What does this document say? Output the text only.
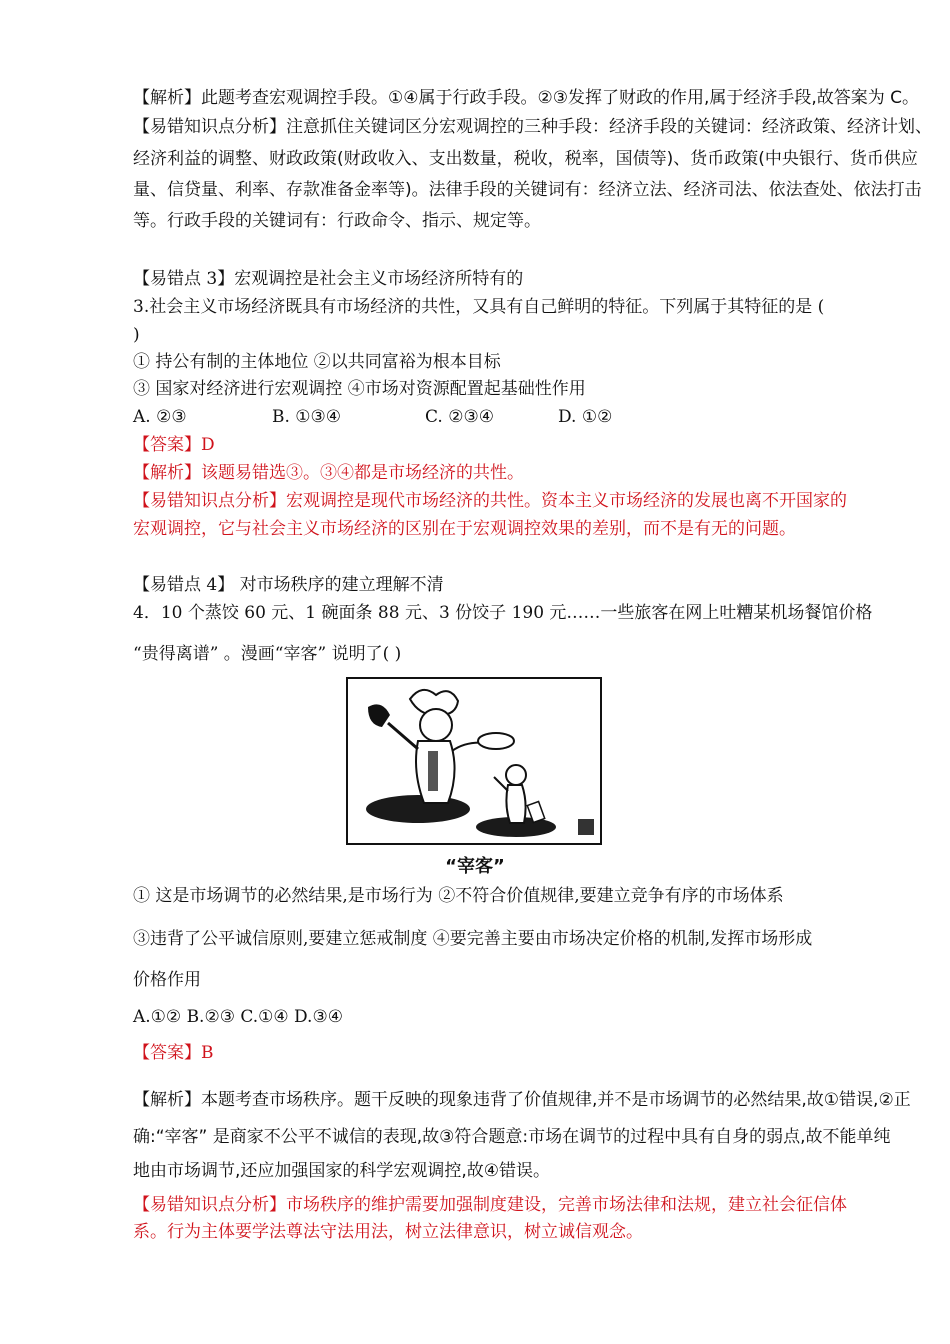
【解析】此题考查宏观调控手段。①④属于行政手段。②③发挥了财政的作用,属于经济手段,故答案为 C。
【易错知识点分析】注意抓住关键词区分宏观调控的三种手段：经济手段的关键词：经济政策、经济计划、
经济利益的调整、财政政策(财政收入、支出数量，税收，税率，国债等)、货币政策(中央银行、货币供应
量、信贷量、利率、存款准备金率等)。法律手段的关键词有：经济立法、经济司法、依法查处、依法打击
等。行政手段的关键词有：行政命令、指示、规定等。
【易错点 3】宏观调控是社会主义市场经济所特有的
3.社会主义市场经济既具有市场经济的共性，又具有自己鲜明的特征。下列属于其特征的是 (
)
① 持公有制的主体地位 ②以共同富裕为根本目标
③ 国家对经济进行宏观调控 ④市场对资源配置起基础性作用
A. ②③	B. ①③④	C. ②③④	D. ①②
【答案】D
【解析】该题易错选③。③④都是市场经济的共性。
【易错知识点分析】宏观调控是现代市场经济的共性。资本主义市场经济的发展也离不开国家的
宏观调控，它与社会主义市场经济的区别在于宏观调控效果的差别，而不是有无的问题。
【易错点 4】 对市场秩序的建立理解不清
4．10 个蒸饺 60 元、1 碗面条 88 元、3 份饺子 190 元……一些旅客在网上吐糟某机场餐馆价格
“贵得离谱” 。漫画“宰客” 说明了( )
“宰客”
① 这是市场调节的必然结果,是市场行为 ②不符合价值规律,要建立竞争有序的市场体系
③违背了公平诚信原则,要建立惩戒制度 ④要完善主要由市场决定价格的机制,发挥市场形成
价格作用
A.①② B.②③ C.①④ D.③④
【答案】B
【解析】本题考查市场秩序。题干反映的现象违背了价值规律,并不是市场调节的必然结果,故①错误,②正
确:“宰客” 是商家不公平不诚信的表现,故③符合题意:市场在调节的过程中具有自身的弱点,故不能单纯
地由市场调节,还应加强国家的科学宏观调控,故④错误。
【易错知识点分析】市场秩序的维护需要加强制度建设，完善市场法律和法规，建立社会征信体
系。行为主体要学法尊法守法用法，树立法律意识，树立诚信观念。
